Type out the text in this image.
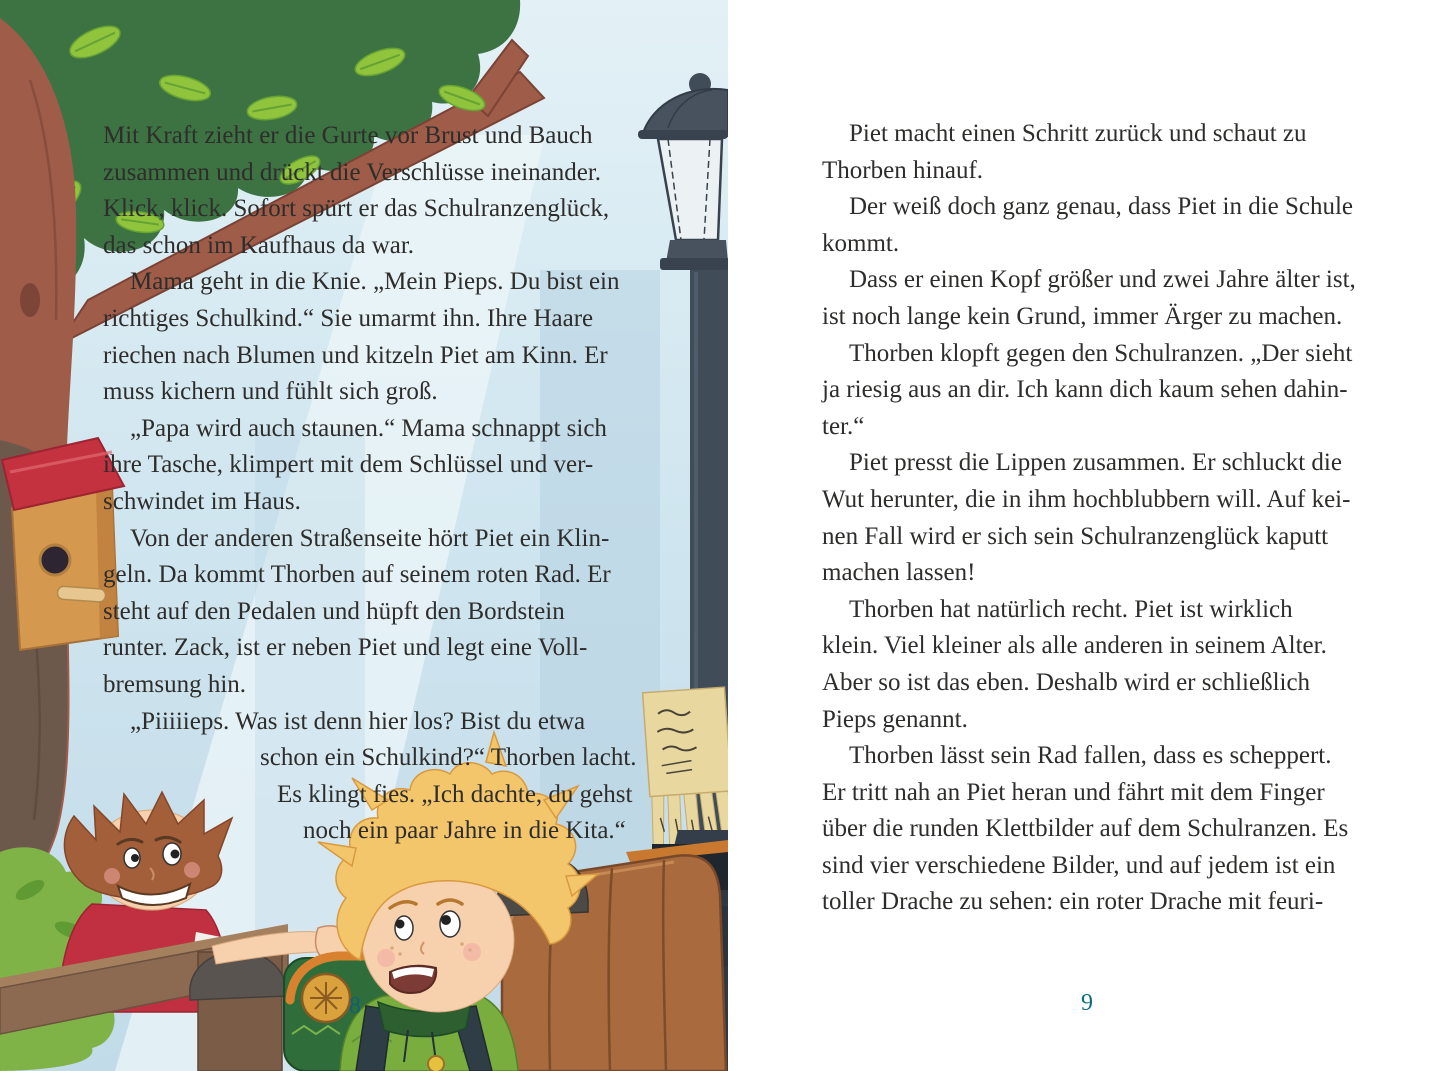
Mit Kraft zieht er die Gurte vor Brust und Bauch
zusammen und drückt die Verschlüsse ineinander.
Klick, klick. Sofort spürt er das Schulranzenglück,
das schon im Kaufhaus da war.
Mama geht in die Knie. „Mein Pieps. Du bist ein
richtiges Schulkind.“ Sie umarmt ihn. Ihre Haare
riechen nach Blumen und kitzeln Piet am Kinn. Er
muss kichern und fühlt sich groß.
„Papa wird auch staunen.“ Mama schnappt sich
ihre Tasche, klimpert mit dem Schlüssel und ver-
schwindet im Haus.
Von der anderen Straßenseite hört Piet ein Klin-
geln. Da kommt Thorben auf seinem roten Rad. Er
steht auf den Pedalen und hüpft den Bordstein
runter. Zack, ist er neben Piet und legt eine Voll-
bremsung hin.
„Piiiiieps. Was ist denn hier los? Bist du etwa
schon ein Schulkind?“ Thorben lacht.
Es klingt fies. „Ich dachte, du gehst
noch ein paar Jahre in die Kita.“
8
Piet macht einen Schritt zurück und schaut zu
Thorben hinauf.
Der weiß doch ganz genau, dass Piet in die Schule
kommt.
Dass er einen Kopf größer und zwei Jahre älter ist,
ist noch lange kein Grund, immer Ärger zu machen.
Thorben klopft gegen den Schulranzen. „Der sieht
ja riesig aus an dir. Ich kann dich kaum sehen dahin-
ter.“
Piet presst die Lippen zusammen. Er schluckt die
Wut herunter, die in ihm hochblubbern will. Auf kei-
nen Fall wird er sich sein Schulranzenglück kaputt
machen lassen!
Thorben hat natürlich recht. Piet ist wirklich
klein. Viel kleiner als alle anderen in seinem Alter.
Aber so ist das eben. Deshalb wird er schließlich
Pieps genannt.
Thorben lässt sein Rad fallen, dass es scheppert.
Er tritt nah an Piet heran und fährt mit dem Finger
über die runden Klettbilder auf dem Schulranzen. Es
sind vier verschiedene Bilder, und auf jedem ist ein
toller Drache zu sehen: ein roter Drache mit feuri-
9
